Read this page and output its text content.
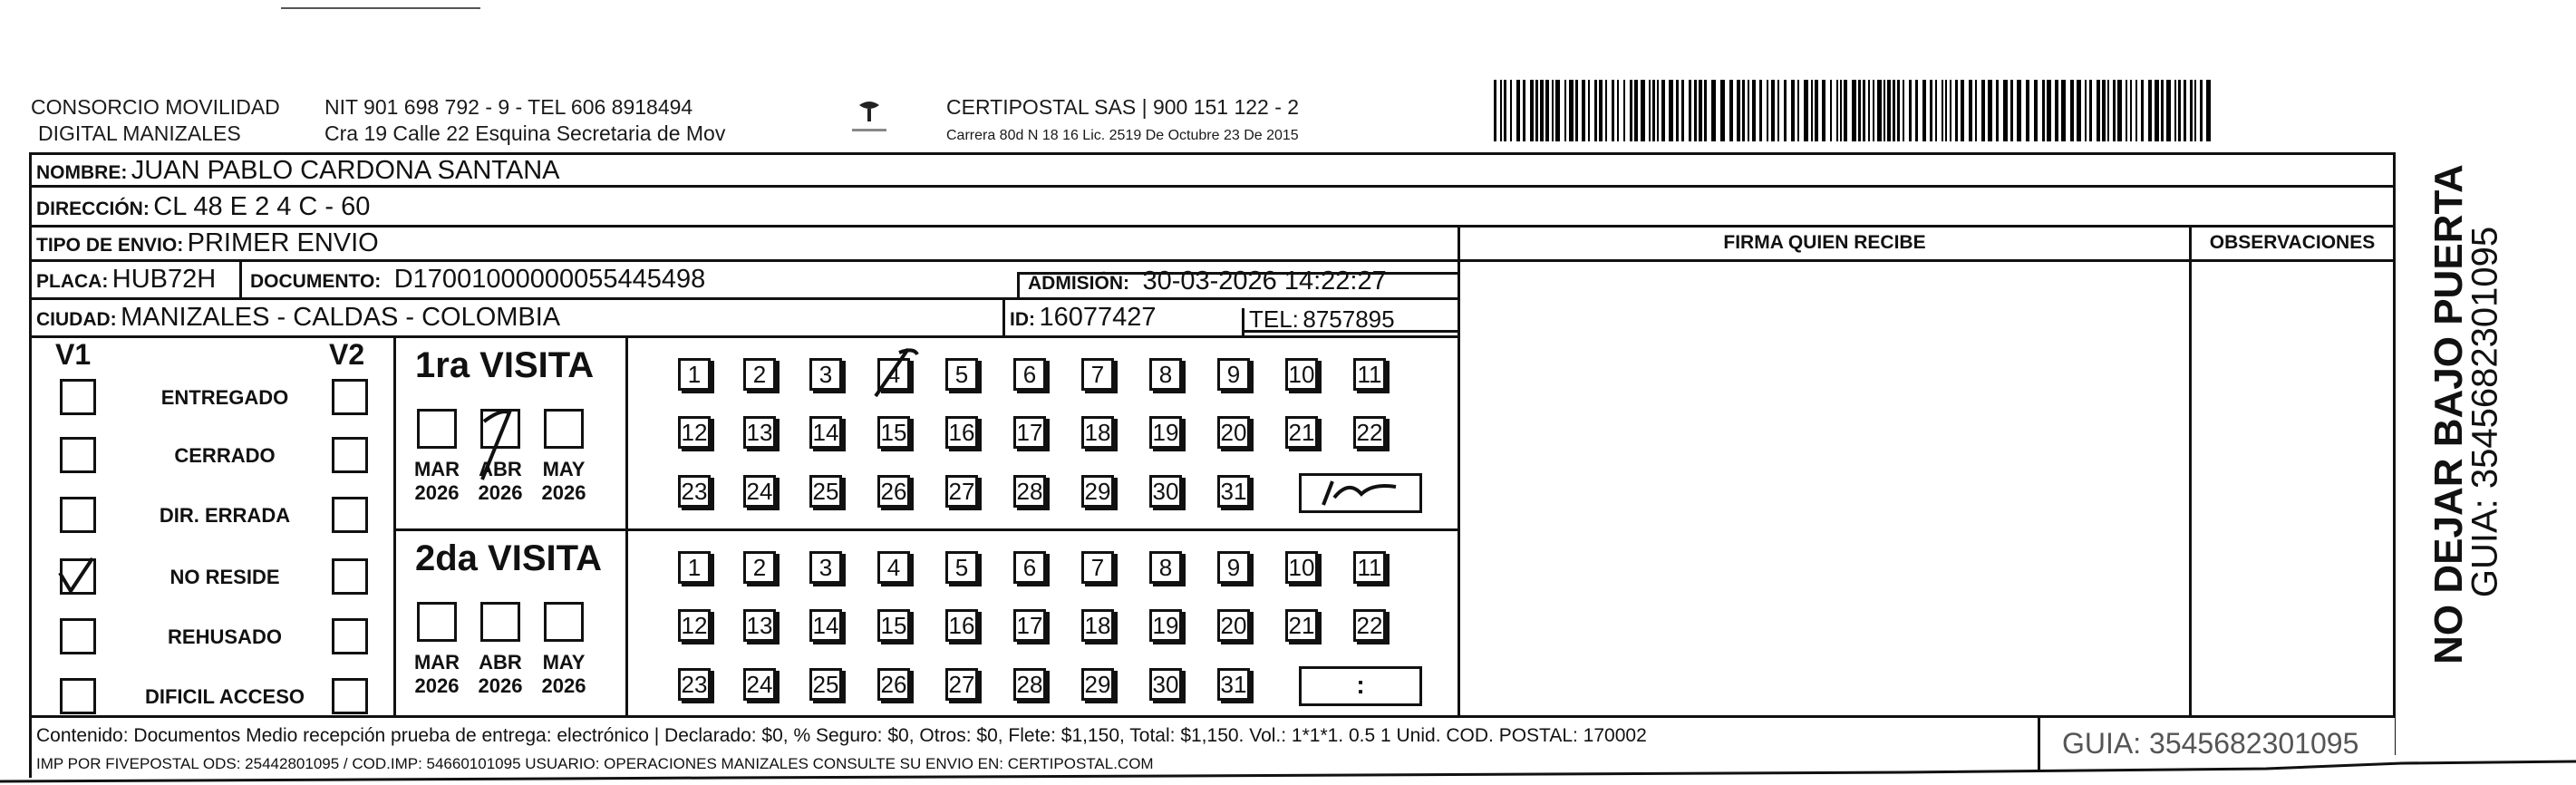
CONSORCIO MOVILIDAD
DIGITAL MANIZALES
NIT 901 698 792 - 9 - TEL 606 8918494
Cra 19 Calle 22 Esquina Secretaria de Mov
CERTIPOSTAL SAS | 900 151 122 - 2
Carrera 80d N 18 16 Lic. 2519 De Octubre 23 De 2015
NOMBRE: JUAN PABLO CARDONA SANTANA
DIRECCIÓN: CL 48 E 2 4 C - 60
TIPO DE ENVIO: PRIMER ENVIO
PLACA: HUB72H DOCUMENTO: D17001000000055445498	ADMISIÓN: 30-03-2026 14:22:27
CIUDAD: MANIZALES - CALDAS - COLOMBIA	ID: 16077427	TEL: 8757895
FIRMA QUIEN RECIBE	OBSERVACIONES
V1	V2
ENTREGADO
CERRADO
DIR. ERRADA
NO RESIDE
REHUSADO
DIFICIL ACCESO
1ra VISITA
MAR
2026
ABR
2026
MAY
2026
1	2	3	4	5	6	7	8	9	10 11
12 13 14 15 16 17 18 19 20 21 22
23 24 25 26 27 28 29 30 31
2da VISITA
MAR
2026
ABR
2026
MAY
2026
1	2	3	4	5	6	7	8	9	10 11
12 13 14 15 16 17 18 19 20 21 22
23 24 25 26 27 28 29 30 31	:
NO DEJAR BAJO PUERTA
GUIA: 3545682301095
Contenido: Documentos Medio recepción prueba de entrega: electrónico | Declarado: $0, % Seguro: $0, Otros: $0, Flete: $1,150, Total: $1,150. Vol.: 1*1*1. 0.5 1 Unid. COD. POSTAL: 170002
IMP POR FIVEPOSTAL ODS: 25442801095 / COD.IMP: 54660101095 USUARIO: OPERACIONES MANIZALES CONSULTE SU ENVIO EN: CERTIPOSTAL.COM
GUIA: 3545682301095
